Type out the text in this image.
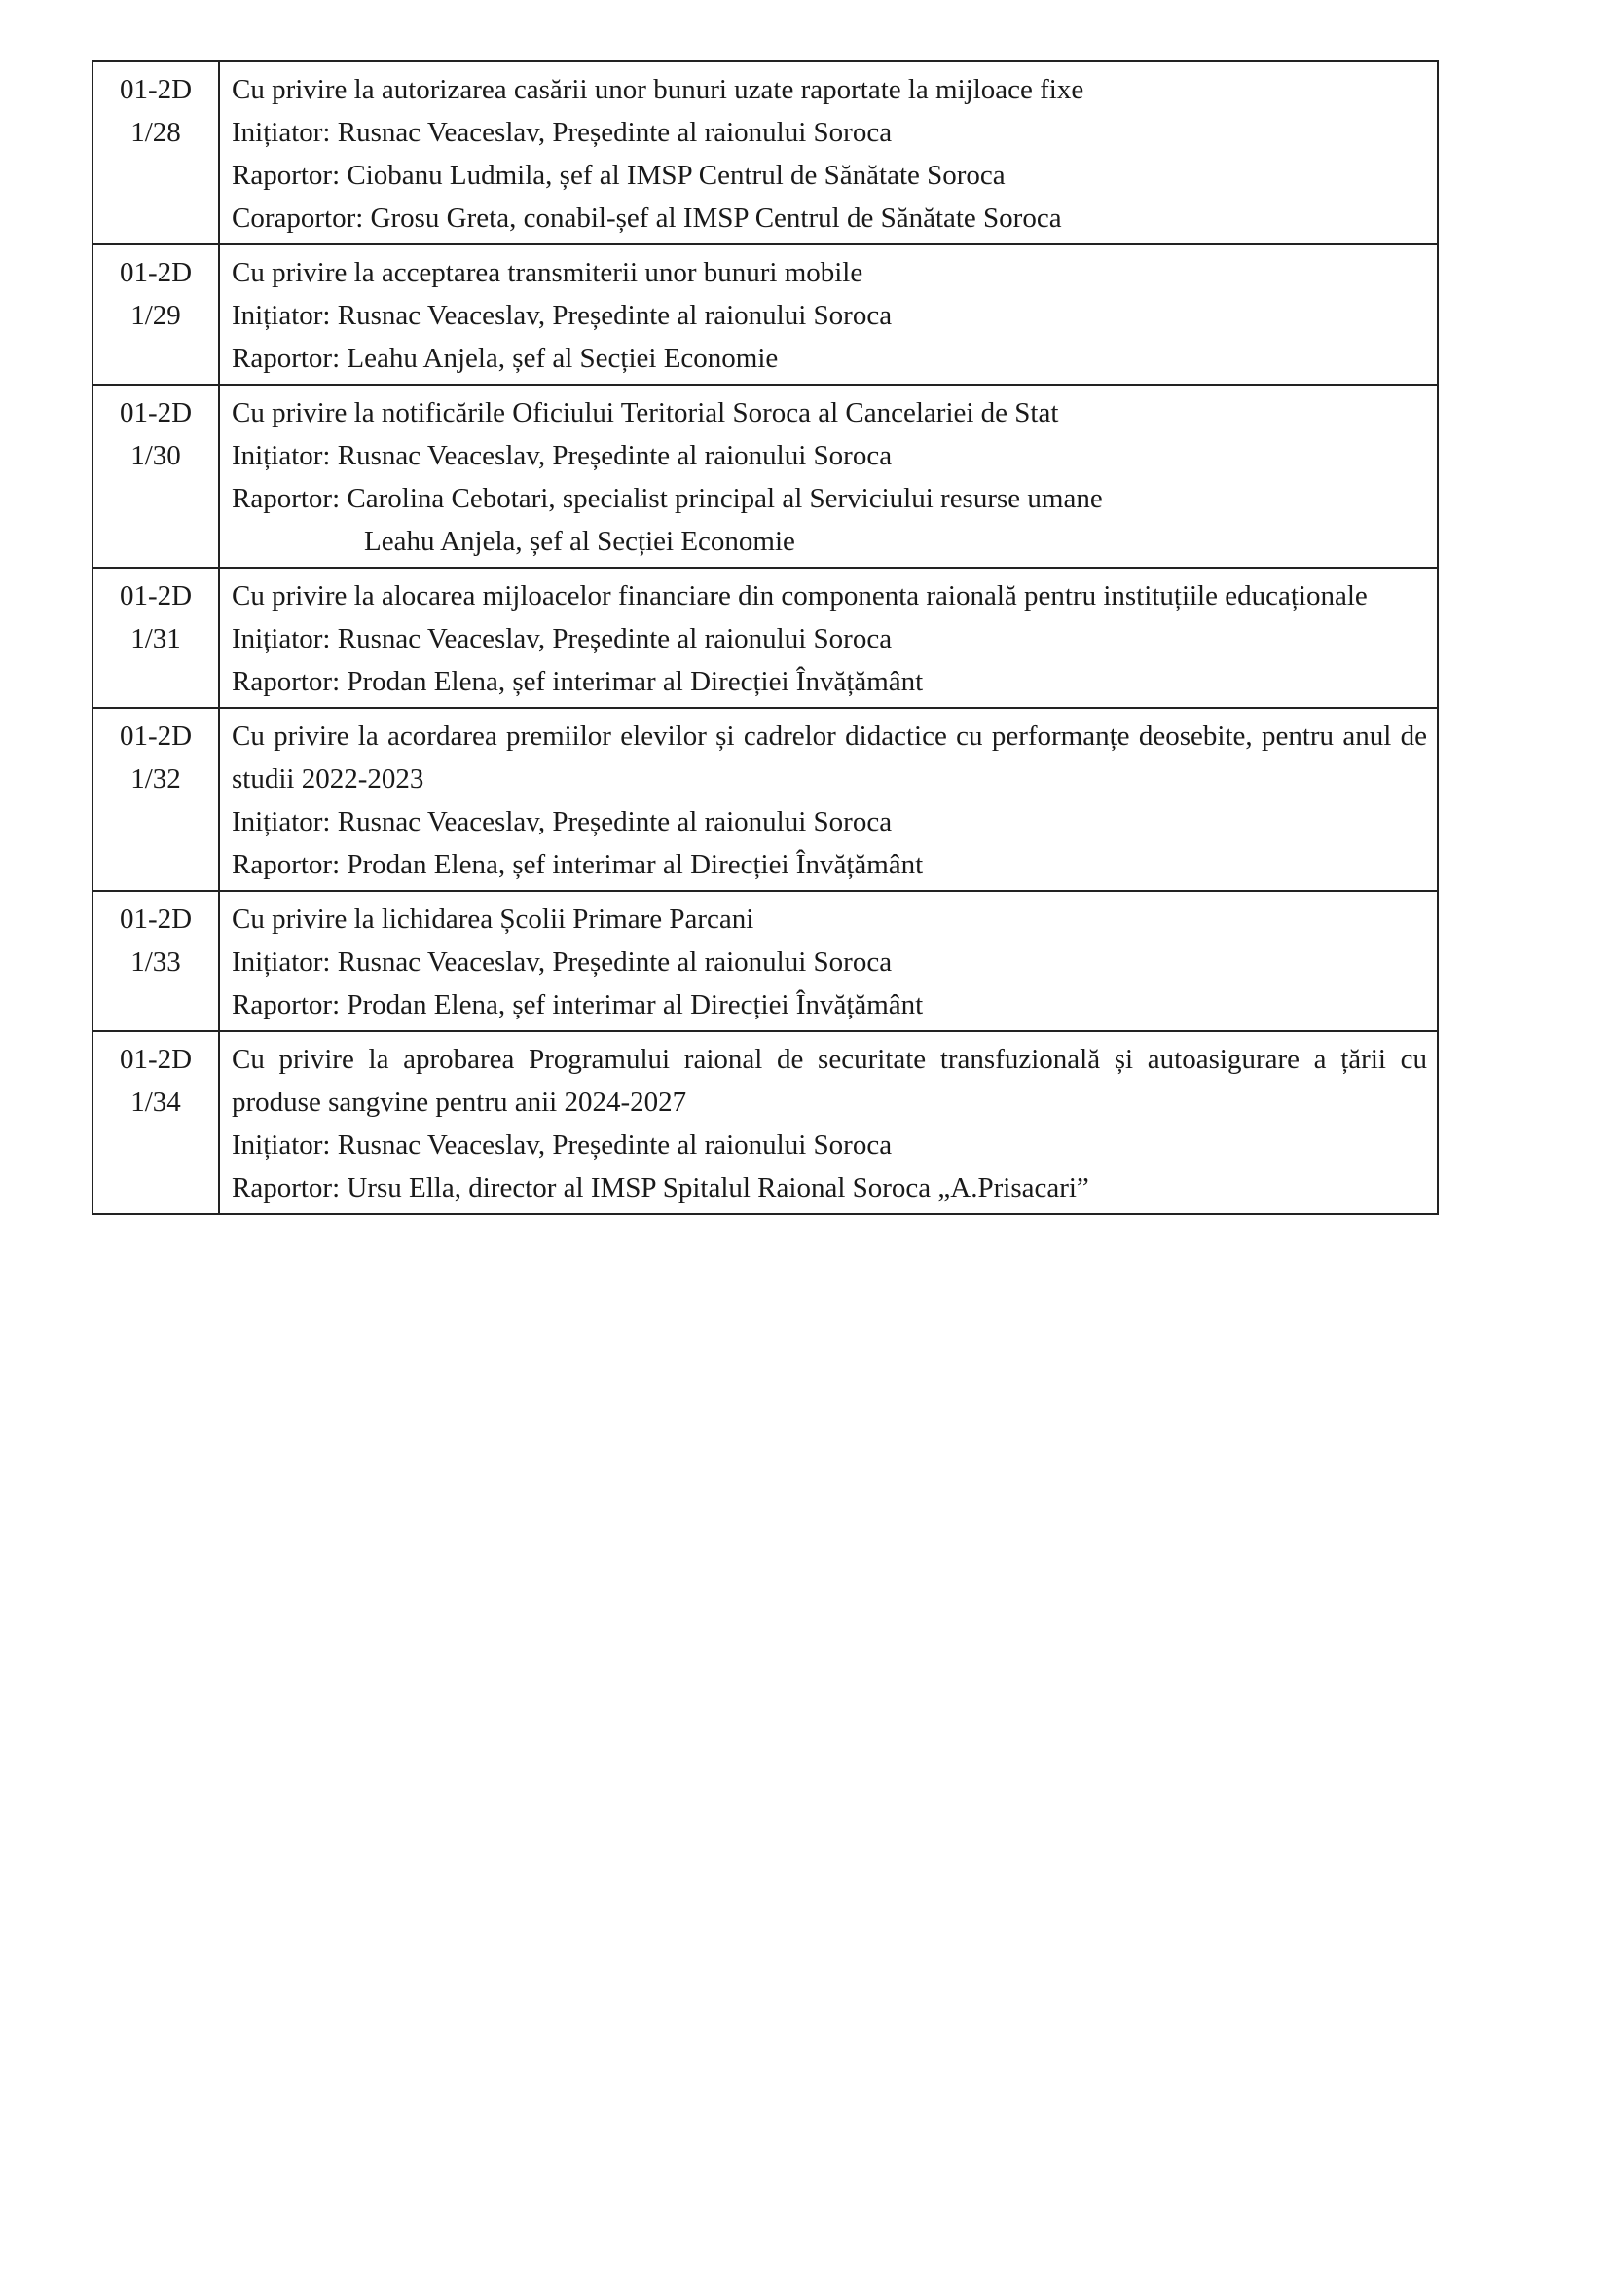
01-2D
1/28	Cu privire la autorizarea casării unor bunuri uzate raportate la mijloace fixe
Inițiator: Rusnac Veaceslav, Președinte al raionului Soroca
Raportor: Ciobanu Ludmila, șef al IMSP Centrul de Sănătate Soroca
Coraportor: Grosu Greta, conabil-șef al IMSP Centrul de Sănătate Soroca

01-2D
1/29	Cu privire la acceptarea transmiterii unor bunuri mobile
Inițiator: Rusnac Veaceslav, Președinte al raionului Soroca
Raportor: Leahu Anjela, șef al Secției Economie

01-2D
1/30	Cu privire la notificările Oficiului Teritorial Soroca al Cancelariei de Stat
Inițiator: Rusnac Veaceslav, Președinte al raionului Soroca
Raportor: Carolina Cebotari, specialist principal al Serviciului resurse umane
Leahu Anjela, șef al Secției Economie

01-2D
1/31	Cu privire la alocarea mijloacelor financiare din componenta raională pentru instituțiile educaționale
Inițiator: Rusnac Veaceslav, Președinte al raionului Soroca
Raportor: Prodan Elena, șef interimar al Direcției Învățământ

01-2D
1/32	Cu privire la acordarea premiilor elevilor și cadrelor didactice cu performanțe deosebite, pentru anul de studii 2022-2023
Inițiator: Rusnac Veaceslav, Președinte al raionului Soroca
Raportor: Prodan Elena, șef interimar al Direcției Învățământ

01-2D
1/33	Cu privire la lichidarea Școlii Primare Parcani
Inițiator: Rusnac Veaceslav, Președinte al raionului Soroca
Raportor: Prodan Elena, șef interimar al Direcției Învățământ

01-2D
1/34	Cu privire la aprobarea Programului raional de securitate transfuzională și autoasigurare a țării cu produse sangvine pentru anii 2024-2027
Inițiator: Rusnac Veaceslav, Președinte al raionului Soroca
Raportor: Ursu Ella, director al IMSP Spitalul Raional Soroca „A.Prisacari”
